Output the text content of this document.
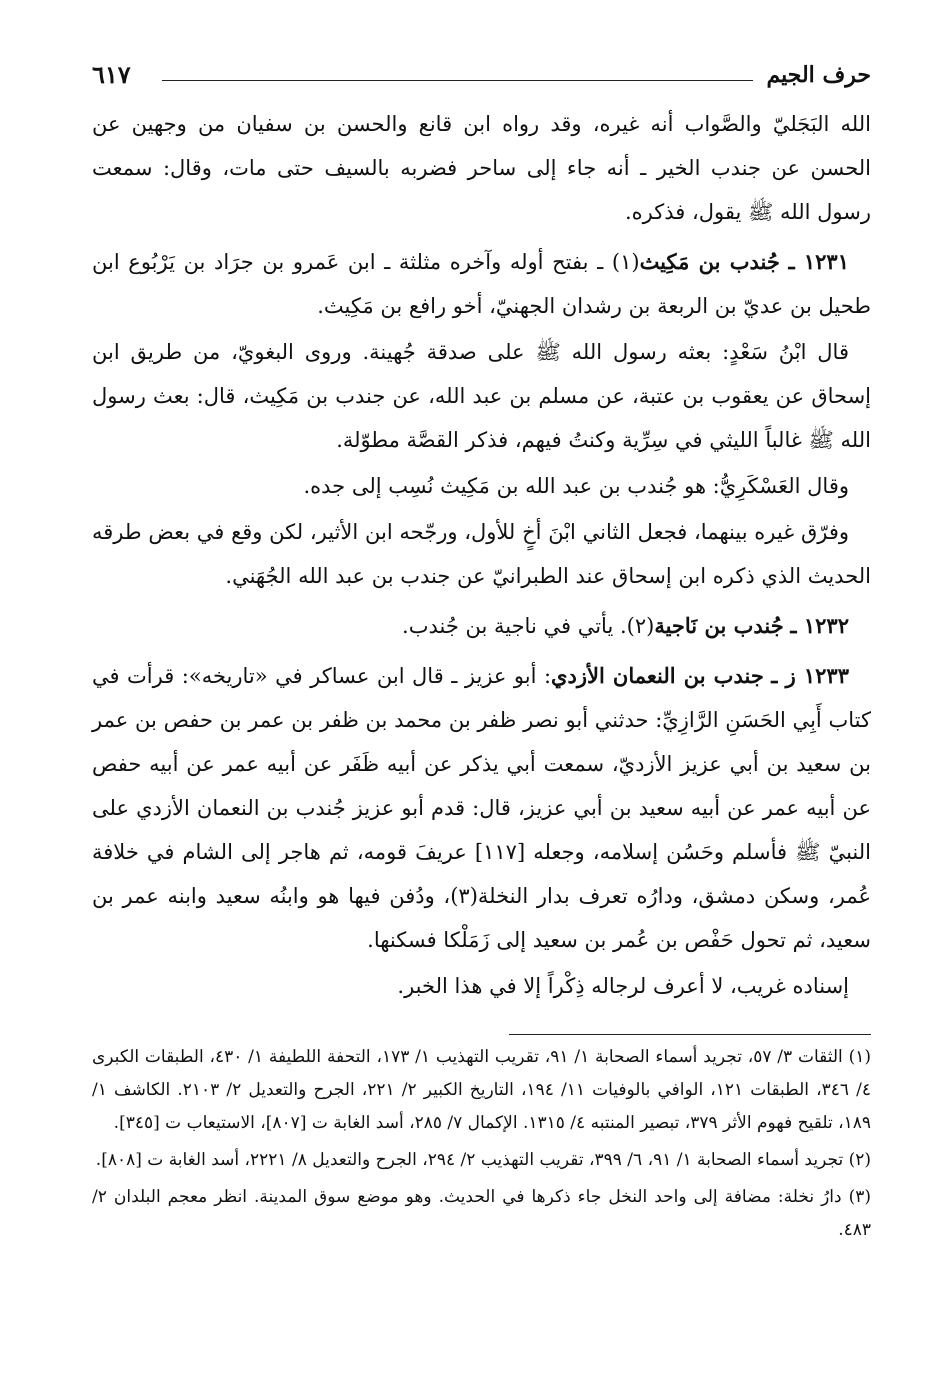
حرف الجيم
٦١٧

الله البَجَليّ والصَّواب أنه غيره، وقد رواه ابن قانع والحسن بن سفيان من وجهين عن الحسن عن جندب الخير ـ أنه جاء إلى ساحر فضربه بالسيف حتى مات، وقال: سمعت رسول الله ﷺ يقول، فذكره.

١٢٣١ ـ جُندب بن مَكِيث(١) ـ بفتح أوله وآخره مثلثة ـ ابن عَمرو بن جرَاد بن يَرْبُوع ابن طحيل بن عديّ بن الربعة بن رشدان الجهنيّ، أخو رافع بن مَكِيث.

قال ابْنُ سَعْدٍ: بعثه رسول الله ﷺ على صدقة جُهينة. وروى البغويّ، من طريق ابن إسحاق عن يعقوب بن عتبة، عن مسلم بن عبد الله، عن جندب بن مَكِيث، قال: بعث رسول الله ﷺ غالباً الليثي في سِرِّية وكنتُ فيهم، فذكر القصَّة مطوّلة.

وقال العَسْكَرِيُّ: هو جُندب بن عبد الله بن مَكِيث نُسِب إلى جده.

وفرّق غيره بينهما، فجعل الثاني ابْنَ أخٍ للأول، ورجّحه ابن الأثير، لكن وقع في بعض طرقه الحديث الذي ذكره ابن إسحاق عند الطبرانيّ عن جندب بن عبد الله الجُهَني.

١٢٣٢ ـ جُندب بن نَاجية(٢). يأتي في ناجية بن جُندب.

١٢٣٣ ز ـ جندب بن النعمان الأزدي: أبو عزيز ـ قال ابن عساكر في «تاريخه»: قرأت في كتاب أَبِي الحَسَنِ الرَّازِيِّ: حدثني أبو نصر ظفر بن محمد بن ظفر بن عمر بن حفص بن عمر بن سعيد بن أبي عزيز الأزديّ، سمعت أبي يذكر عن أبيه ظَفَر عن أبيه عمر عن أبيه حفص عن أبيه عمر عن أبيه سعيد بن أبي عزيز، قال: قدم أبو عزيز جُندب بن النعمان الأزدي على النبيّ ﷺ فأسلم وحَسُن إسلامه، وجعله [١١٧] عريفَ قومه، ثم هاجر إلى الشام في خلافة عُمر، وسكن دمشق، ودارُه تعرف بدار النخلة(٣)، ودُفن فيها هو وابنُه سعيد وابنه عمر بن سعيد، ثم تحول حَفْص بن عُمر بن سعيد إلى زَمَلْكا فسكنها.

إسناده غريب، لا أعرف لرجاله ذِكْراً إلا في هذا الخبر.

(١) الثقات ٣/ ٥٧، تجريد أسماء الصحابة ١/ ٩١، تقريب التهذيب ١/ ١٧٣، التحفة اللطيفة ١/ ٤٣٠، الطبقات الكبرى ٤/ ٣٤٦، الطبقات ١٢١، الوافي بالوفيات ١١/ ١٩٤، التاريخ الكبير ٢/ ٢٢١، الجرح والتعديل ٢/ ٢١٠٣. الكاشف ١/ ١٨٩، تلقيح فهوم الأثر ٣٧٩، تبصير المنتبه ٤/ ١٣١٥. الإكمال ٧/ ٢٨٥، أسد الغابة ت [٨٠٧]، الاستيعاب ت [٣٤٥].

(٢) تجريد أسماء الصحابة ١/ ٩١، ٦/ ٣٩٩، تقريب التهذيب ٢/ ٢٩٤، الجرح والتعديل ٨/ ٢٢٢١، أسد الغابة ت [٨٠٨].

(٣) دارُ نخلة: مضافة إلى واحد النخل جاء ذكرها في الحديث. وهو موضع سوق المدينة. انظر معجم البلدان ٢/ ٤٨٣.
